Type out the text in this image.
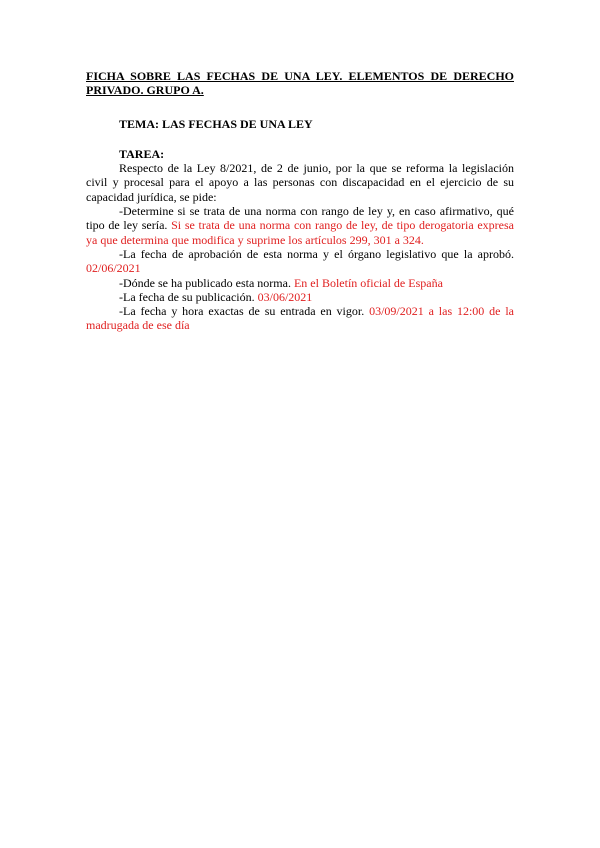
FICHA SOBRE LAS FECHAS DE UNA LEY. ELEMENTOS DE DERECHO PRIVADO. GRUPO A.

TEMA: LAS FECHAS DE UNA LEY

TAREA:

Respecto de la Ley 8/2021, de 2 de junio, por la que se reforma la legislación civil y procesal para el apoyo a las personas con discapacidad en el ejercicio de su capacidad jurídica, se pide:

-Determine si se trata de una norma con rango de ley y, en caso afirmativo, qué tipo de ley sería. Si se trata de una norma con rango de ley, de tipo derogatoria expresa ya que determina que modifica y suprime los artículos 299, 301 a 324.

-La fecha de aprobación de esta norma y el órgano legislativo que la aprobó. 02/06/2021

-Dónde se ha publicado esta norma. En el Boletín oficial de España

-La fecha de su publicación. 03/06/2021

-La fecha y hora exactas de su entrada en vigor. 03/09/2021 a las 12:00 de la madrugada de ese día
